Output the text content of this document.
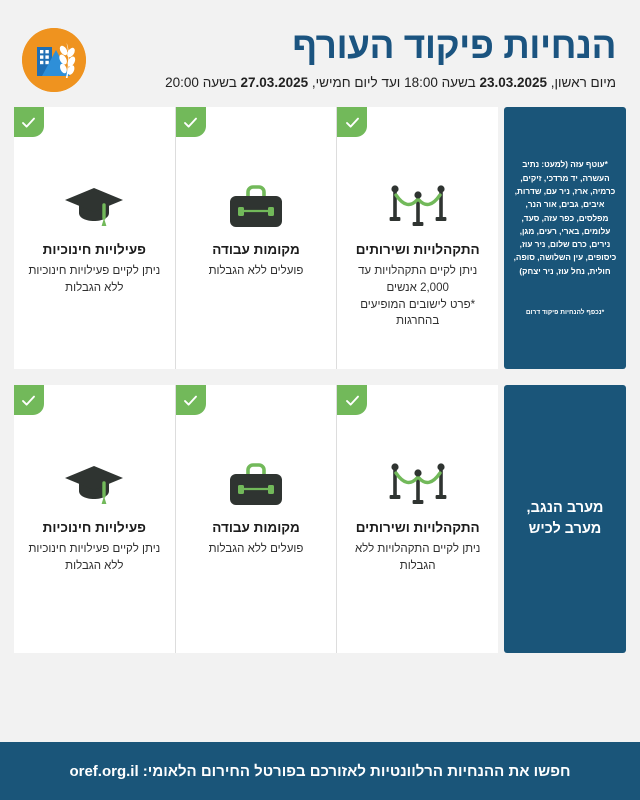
הנחיות פיקוד העורף
מיום ראשון, 23.03.2025 בשעה 18:00 ועד ליום חמישי, 27.03.2025 בשעה 20:00
*עוטף עזה (למעט: נתיב העשרה, יד מרדכי, זיקים, כרמיה, ארז, ניר עם, שדרות, איבים, גבים, אור הנר, מפלסים, כפר עזה, סעד, עלומים, בארי, רעים, מגן, נירים, כרם שלום, ניר עוז, כיסופים, עין השלושה, סופה, חולית, נחל עוז, ניר יצחק)
*נכפף להנחיות פיקוד דרום
התקהלויות ושירותים
ניתן לקיים התקהלויות עד 2,000 אנשים
*פרט לישובים המופיעים בהחרגות
מקומות עבודה
פועלים ללא הגבלות
פעילויות חינוכיות
ניתן לקיים פעילויות חינוכיות ללא הגבלות
מערב הנגב, מערב לכיש
התקהלויות ושירותים
ניתן לקיים התקהלויות ללא הגבלות
מקומות עבודה
פועלים ללא הגבלות
פעילויות חינוכיות
ניתן לקיים פעילויות חינוכיות ללא הגבלות
חפשו את ההנחיות הרלוונטיות לאזורכם בפורטל החירום הלאומי: oref.org.il
